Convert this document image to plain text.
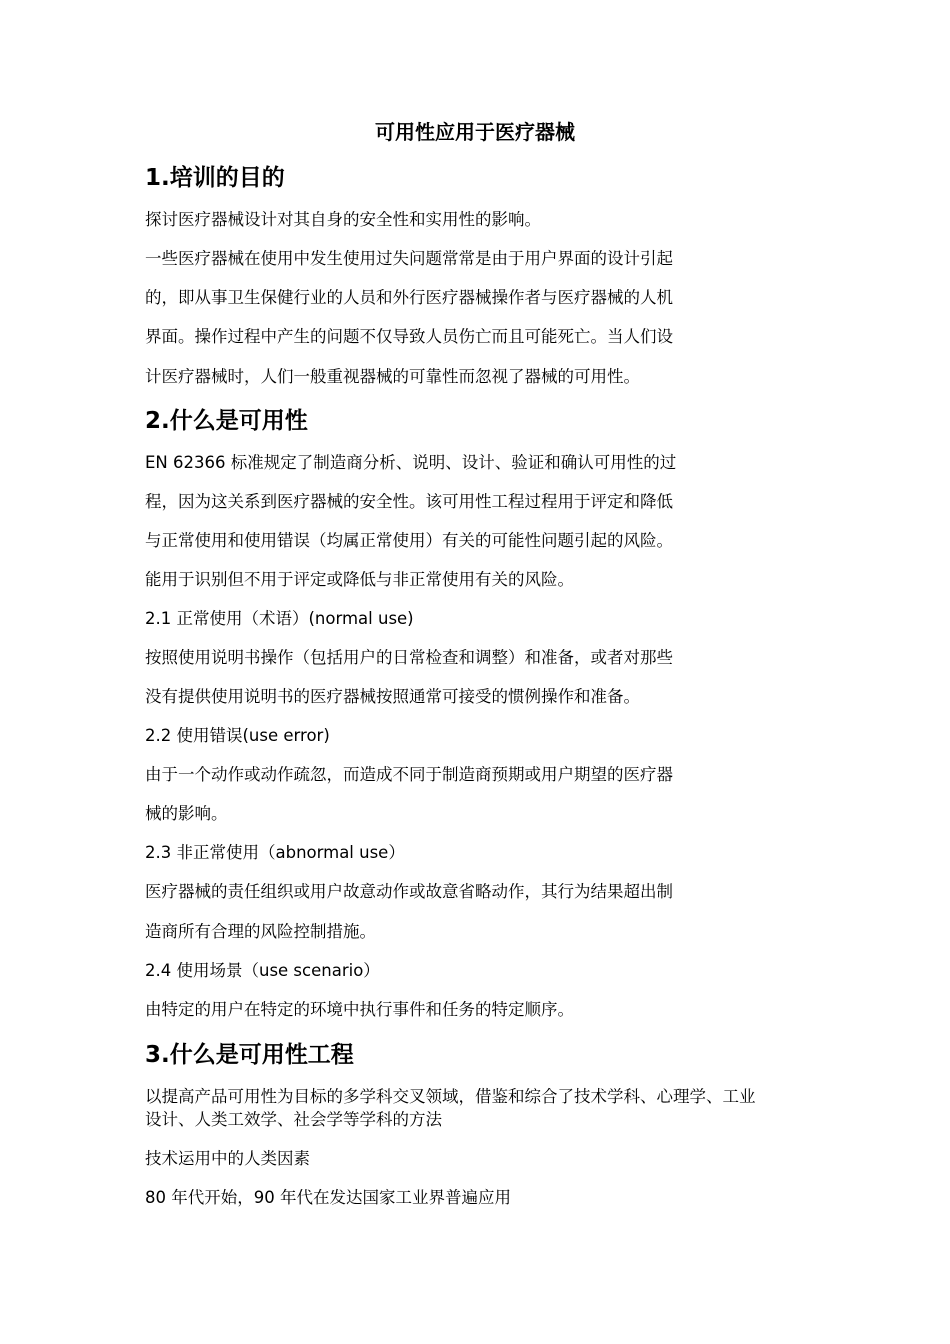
可用性应用于医疗器械
1.培训的目的

探讨医疗器械设计对其自身的安全性和实用性的影响。

一些医疗器械在使用中发生使用过失问题常常是由于用户界面的设计引起

的，即从事卫生保健行业的人员和外行医疗器械操作者与医疗器械的人机

界面。操作过程中产生的问题不仅导致人员伤亡而且可能死亡。当人们设

计医疗器械时，人们一般重视器械的可靠性而忽视了器械的可用性。

2.什么是可用性

EN 62366 标准规定了制造商分析、说明、设计、验证和确认可用性的过

程，因为这关系到医疗器械的安全性。该可用性工程过程用于评定和降低

与正常使用和使用错误（均属正常使用）有关的可能性问题引起的风险。

能用于识别但不用于评定或降低与非正常使用有关的风险。

2.1 正常使用（术语）(normal use)

按照使用说明书操作（包括用户的日常检查和调整）和准备，或者对那些

没有提供使用说明书的医疗器械按照通常可接受的惯例操作和准备。

2.2 使用错误(use error)

由于一个动作或动作疏忽，而造成不同于制造商预期或用户期望的医疗器

械的影响。

2.3 非正常使用（abnormal use）

医疗器械的责任组织或用户故意动作或故意省略动作，其行为结果超出制

造商所有合理的风险控制措施。

2.4 使用场景（use scenario）

由特定的用户在特定的环境中执行事件和任务的特定顺序。

3.什么是可用性工程

以提高产品可用性为目标的多学科交叉领域，借鉴和综合了技术学科、心理学、工业

设计、人类工效学、社会学等学科的方法

技术运用中的人类因素

80 年代开始，90 年代在发达国家工业界普遍应用
